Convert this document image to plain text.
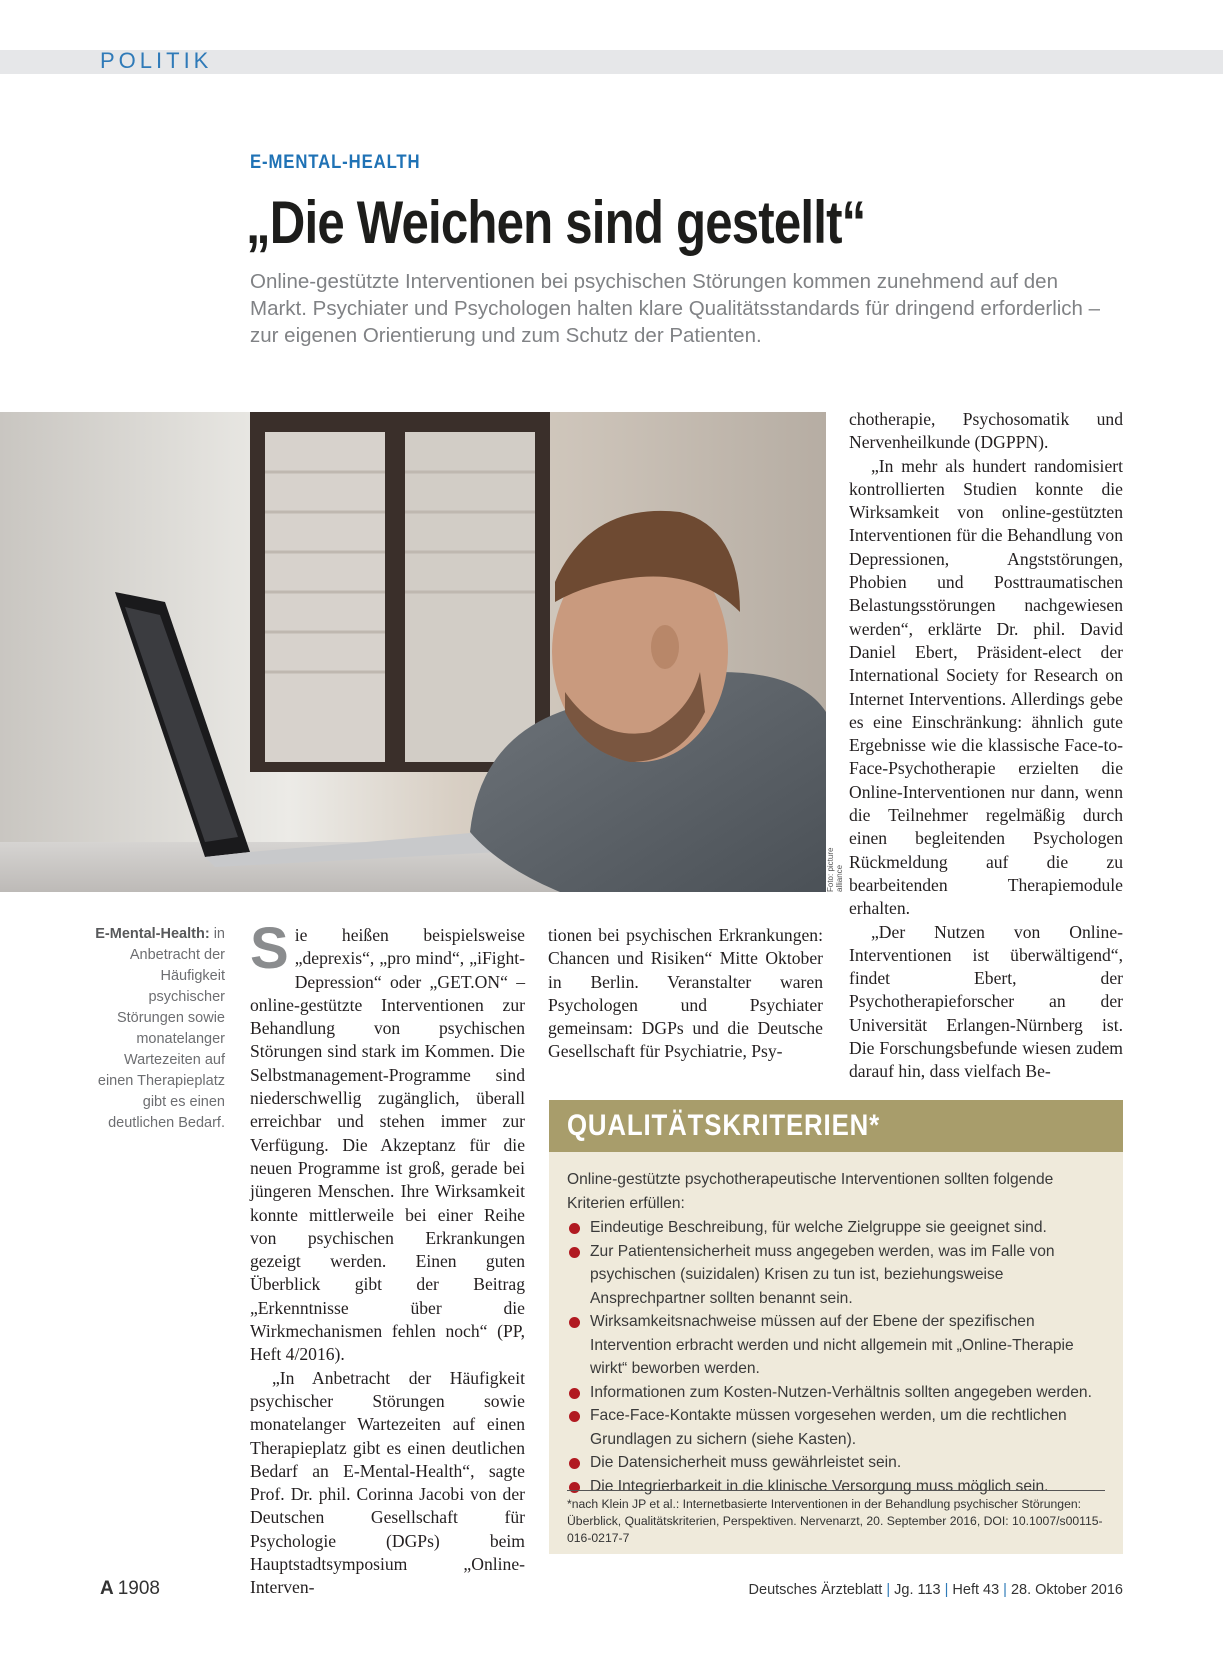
POLITIK
E-MENTAL-HEALTH
„Die Weichen sind gestellt“

Online-gestützte Interventionen bei psychischen Störungen kommen zunehmend auf den Markt. Psychiater und Psychologen halten klare Qualitätsstandards für dringend erforderlich – zur eigenen Orientierung und zum Schutz der Patienten.

Foto: picture alliance
E-Mental-Health: in Anbetracht der Häufigkeit psychischer Störungen sowie monatelanger Wartezeiten auf einen Therapieplatz gibt es einen deutlichen Bedarf.

Sie heißen beispielsweise „deprexis“, „pro mind“, „iFight-Depression“ oder „GET.ON“ – online-gestützte Interventionen zur Behandlung von psychischen Störungen sind stark im Kommen. Die Selbstmanagement-Programme sind niederschwellig zugänglich, überall erreichbar und stehen immer zur Verfügung. Die Akzeptanz für die neuen Programme ist groß, gerade bei jüngeren Menschen. Ihre Wirksamkeit konnte mittlerweile bei einer Reihe von psychischen Erkrankungen gezeigt werden. Einen guten Überblick gibt der Beitrag „Erkenntnisse über die Wirkmechanismen fehlen noch“ (PP, Heft 4/2016).

„In Anbetracht der Häufigkeit psychischer Störungen sowie monatelanger Wartezeiten auf einen Therapieplatz gibt es einen deutlichen Bedarf an E-Mental-Health“, sagte Prof. Dr. phil. Corinna Jacobi von der Deutschen Gesellschaft für Psychologie (DGPs) beim Hauptstadtsymposium „Online-Interven-

tionen bei psychischen Erkrankungen: Chancen und Risiken“ Mitte Oktober in Berlin. Veranstalter waren Psychologen und Psychiater gemeinsam: DGPs und die Deutsche Gesellschaft für Psychiatrie, Psy-

chotherapie, Psychosomatik und Nervenheilkunde (DGPPN).

„In mehr als hundert randomisiert kontrollierten Studien konnte die Wirksamkeit von online-gestützten Interventionen für die Behandlung von Depressionen, Angststörungen, Phobien und Posttraumatischen Belastungsstörungen nachgewiesen werden“, erklärte Dr. phil. David Daniel Ebert, Präsident-elect der International Society for Research on Internet Interventions. Allerdings gebe es eine Einschränkung: ähnlich gute Ergebnisse wie die klassische Face-to-Face-Psychotherapie erzielten die Online-Interventionen nur dann, wenn die Teilnehmer regelmäßig durch einen begleitenden Psychologen Rückmeldung auf die zu bearbeitenden Therapiemodule erhalten.

„Der Nutzen von Online-Interventionen ist überwältigend“, findet Ebert, der Psychotherapieforscher an der Universität Erlangen-Nürnberg ist. Die Forschungsbefunde wiesen zudem darauf hin, dass vielfach Be-

QUALITÄTSKRITERIEN*

Online-gestützte psychotherapeutische Interventionen sollten folgende Kriterien erfüllen:

Eindeutige Beschreibung, für welche Zielgruppe sie geeignet sind.
Zur Patientensicherheit muss angegeben werden, was im Falle von psychischen (suizidalen) Krisen zu tun ist, beziehungsweise Ansprechpartner sollten benannt sein.
Wirksamkeitsnachweise müssen auf der Ebene der spezifischen Intervention erbracht werden und nicht allgemein mit „Online-Therapie wirkt“ beworben werden.
Informationen zum Kosten-Nutzen-Verhältnis sollten angegeben werden.
Face-Face-Kontakte müssen vorgesehen werden, um die rechtlichen Grundlagen zu sichern (siehe Kasten).
Die Datensicherheit muss gewährleistet sein.
Die Integrierbarkeit in die klinische Versorgung muss möglich sein.
*nach Klein JP et al.: Internetbasierte Interventionen in der Behandlung psychischer Störungen: Überblick, Qualitätskriterien, Perspektiven. Nervenarzt, 20. September 2016, DOI: 10.1007/s00115-016-0217-7
A 1908	Deutsches Ärzteblatt | Jg. 113 | Heft 43 | 28. Oktober 2016
